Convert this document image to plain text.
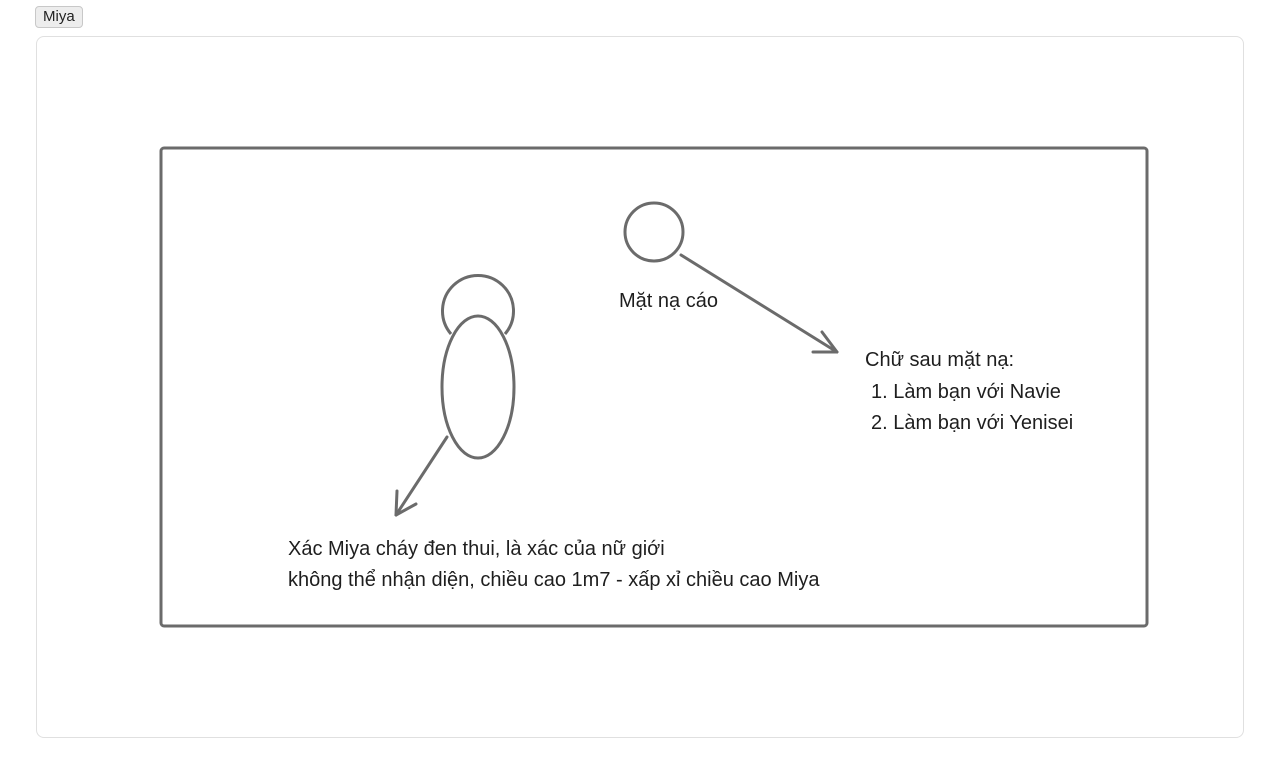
Miya
Mặt nạ cáo
Chữ sau mặt nạ:
1. Làm bạn với Navie
2. Làm bạn với Yenisei
Xác Miya cháy đen thui, là xác của nữ giới
không thể nhận diện, chiều cao 1m7 - xấp xỉ chiều cao Miya
